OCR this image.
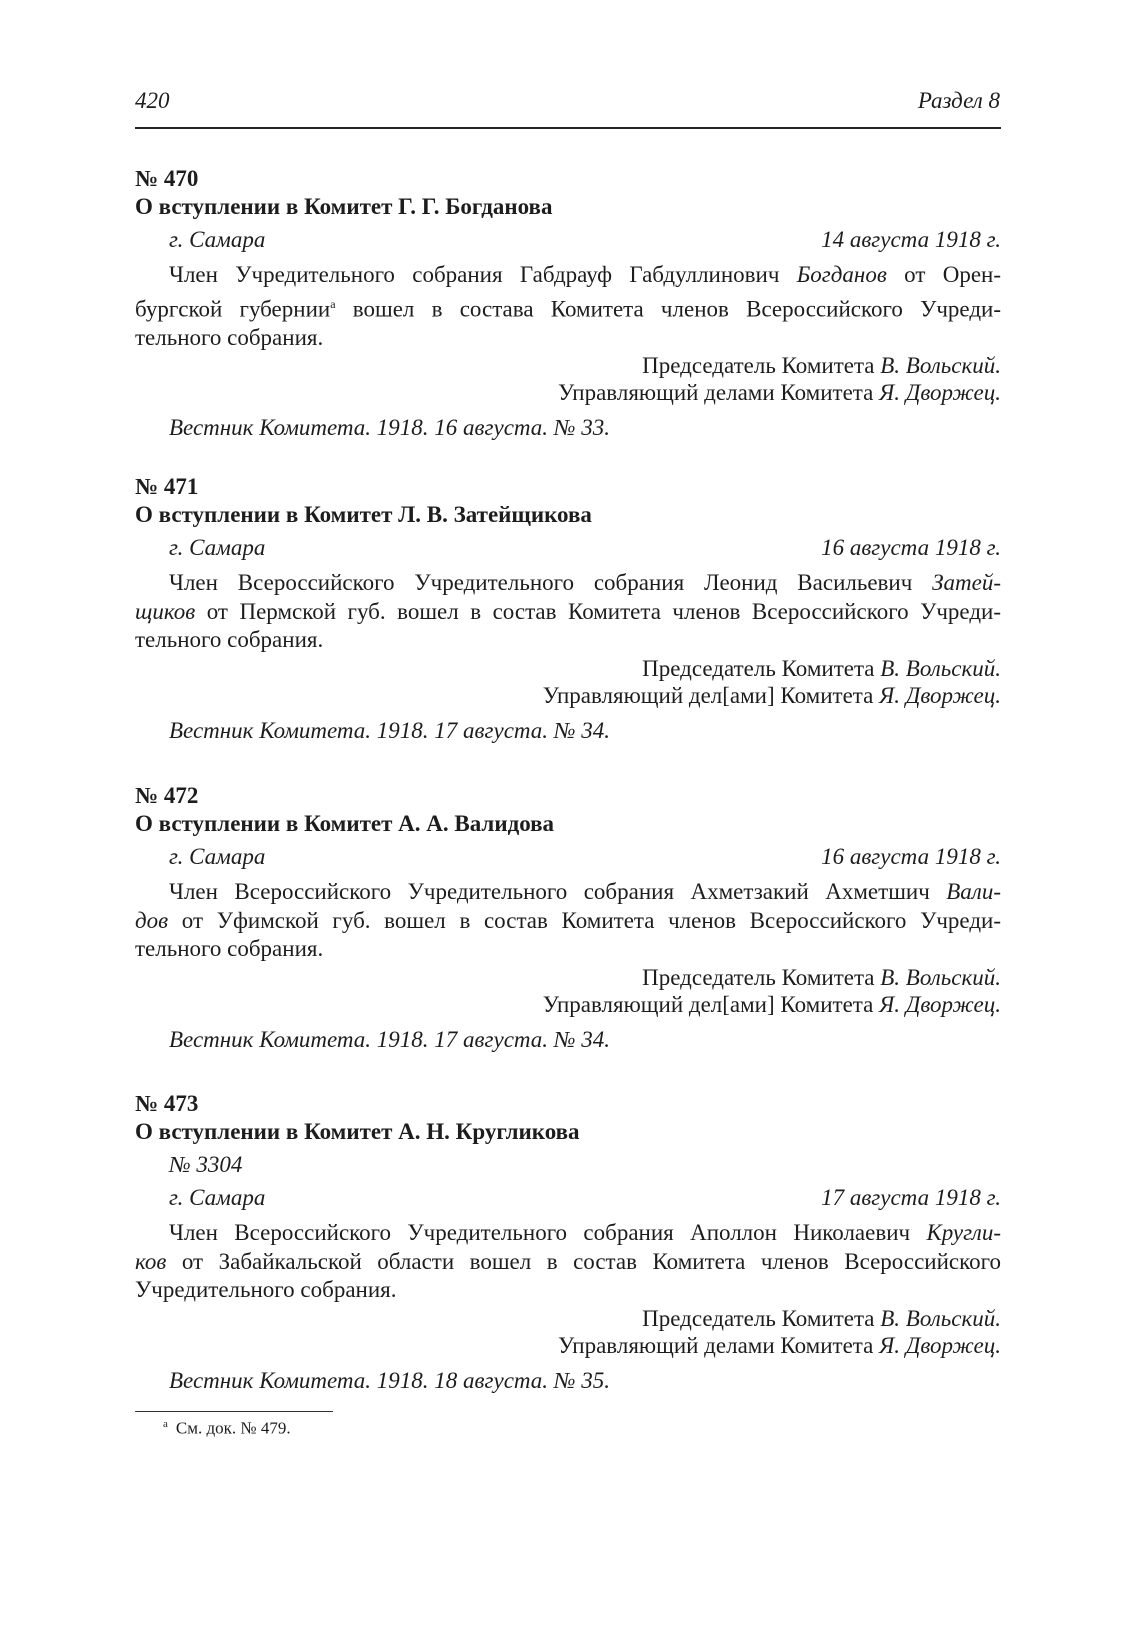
420	Раздел 8
№ 470
О вступлении в Комитет Г. Г. Богданова
г. Самара	14 августа 1918 г.
Член Учредительного собрания Габдрауф Габдуллинович Богданов от Орен-
бургской губернии$^а$ вошел в состава Комитета членов Всероссийского Учреди-
тельного собрания.
Председатель Комитета В. Вольский.
Управляющий делами Комитета Я. Дворжец.
Вестник Комитета. 1918. 16 августа. № 33.
№ 471
О вступлении в Комитет Л. В. Затейщикова
г. Самара	16 августа 1918 г.
Член Всероссийского Учредительного собрания Леонид Васильевич Затей-
щиков от Пермской губ. вошел в состав Комитета членов Всероссийского Учреди-
тельного собрания.
Председатель Комитета В. Вольский.
Управляющий дел[ами] Комитета Я. Дворжец.
Вестник Комитета. 1918. 17 августа. № 34.
№ 472
О вступлении в Комитет А. А. Валидова
г. Самара	16 августа 1918 г.
Член Всероссийского Учредительного собрания Ахметзакий Ахметшич Вали-
дов от Уфимской губ. вошел в состав Комитета членов Всероссийского Учреди-
тельного собрания.
Председатель Комитета В. Вольский.
Управляющий дел[ами] Комитета Я. Дворжец.
Вестник Комитета. 1918. 17 августа. № 34.
№ 473
О вступлении в Комитет А. Н. Кругликова
№ 3304
г. Самара	17 августа 1918 г.
Член Всероссийского Учредительного собрания Аполлон Николаевич Кругли-
ков от Забайкальской области вошел в состав Комитета членов Всероссийского
Учредительного собрания.
Председатель Комитета В. Вольский.
Управляющий делами Комитета Я. Дворжец.
Вестник Комитета. 1918. 18 августа. № 35.
$^а$ См. док. № 479.
